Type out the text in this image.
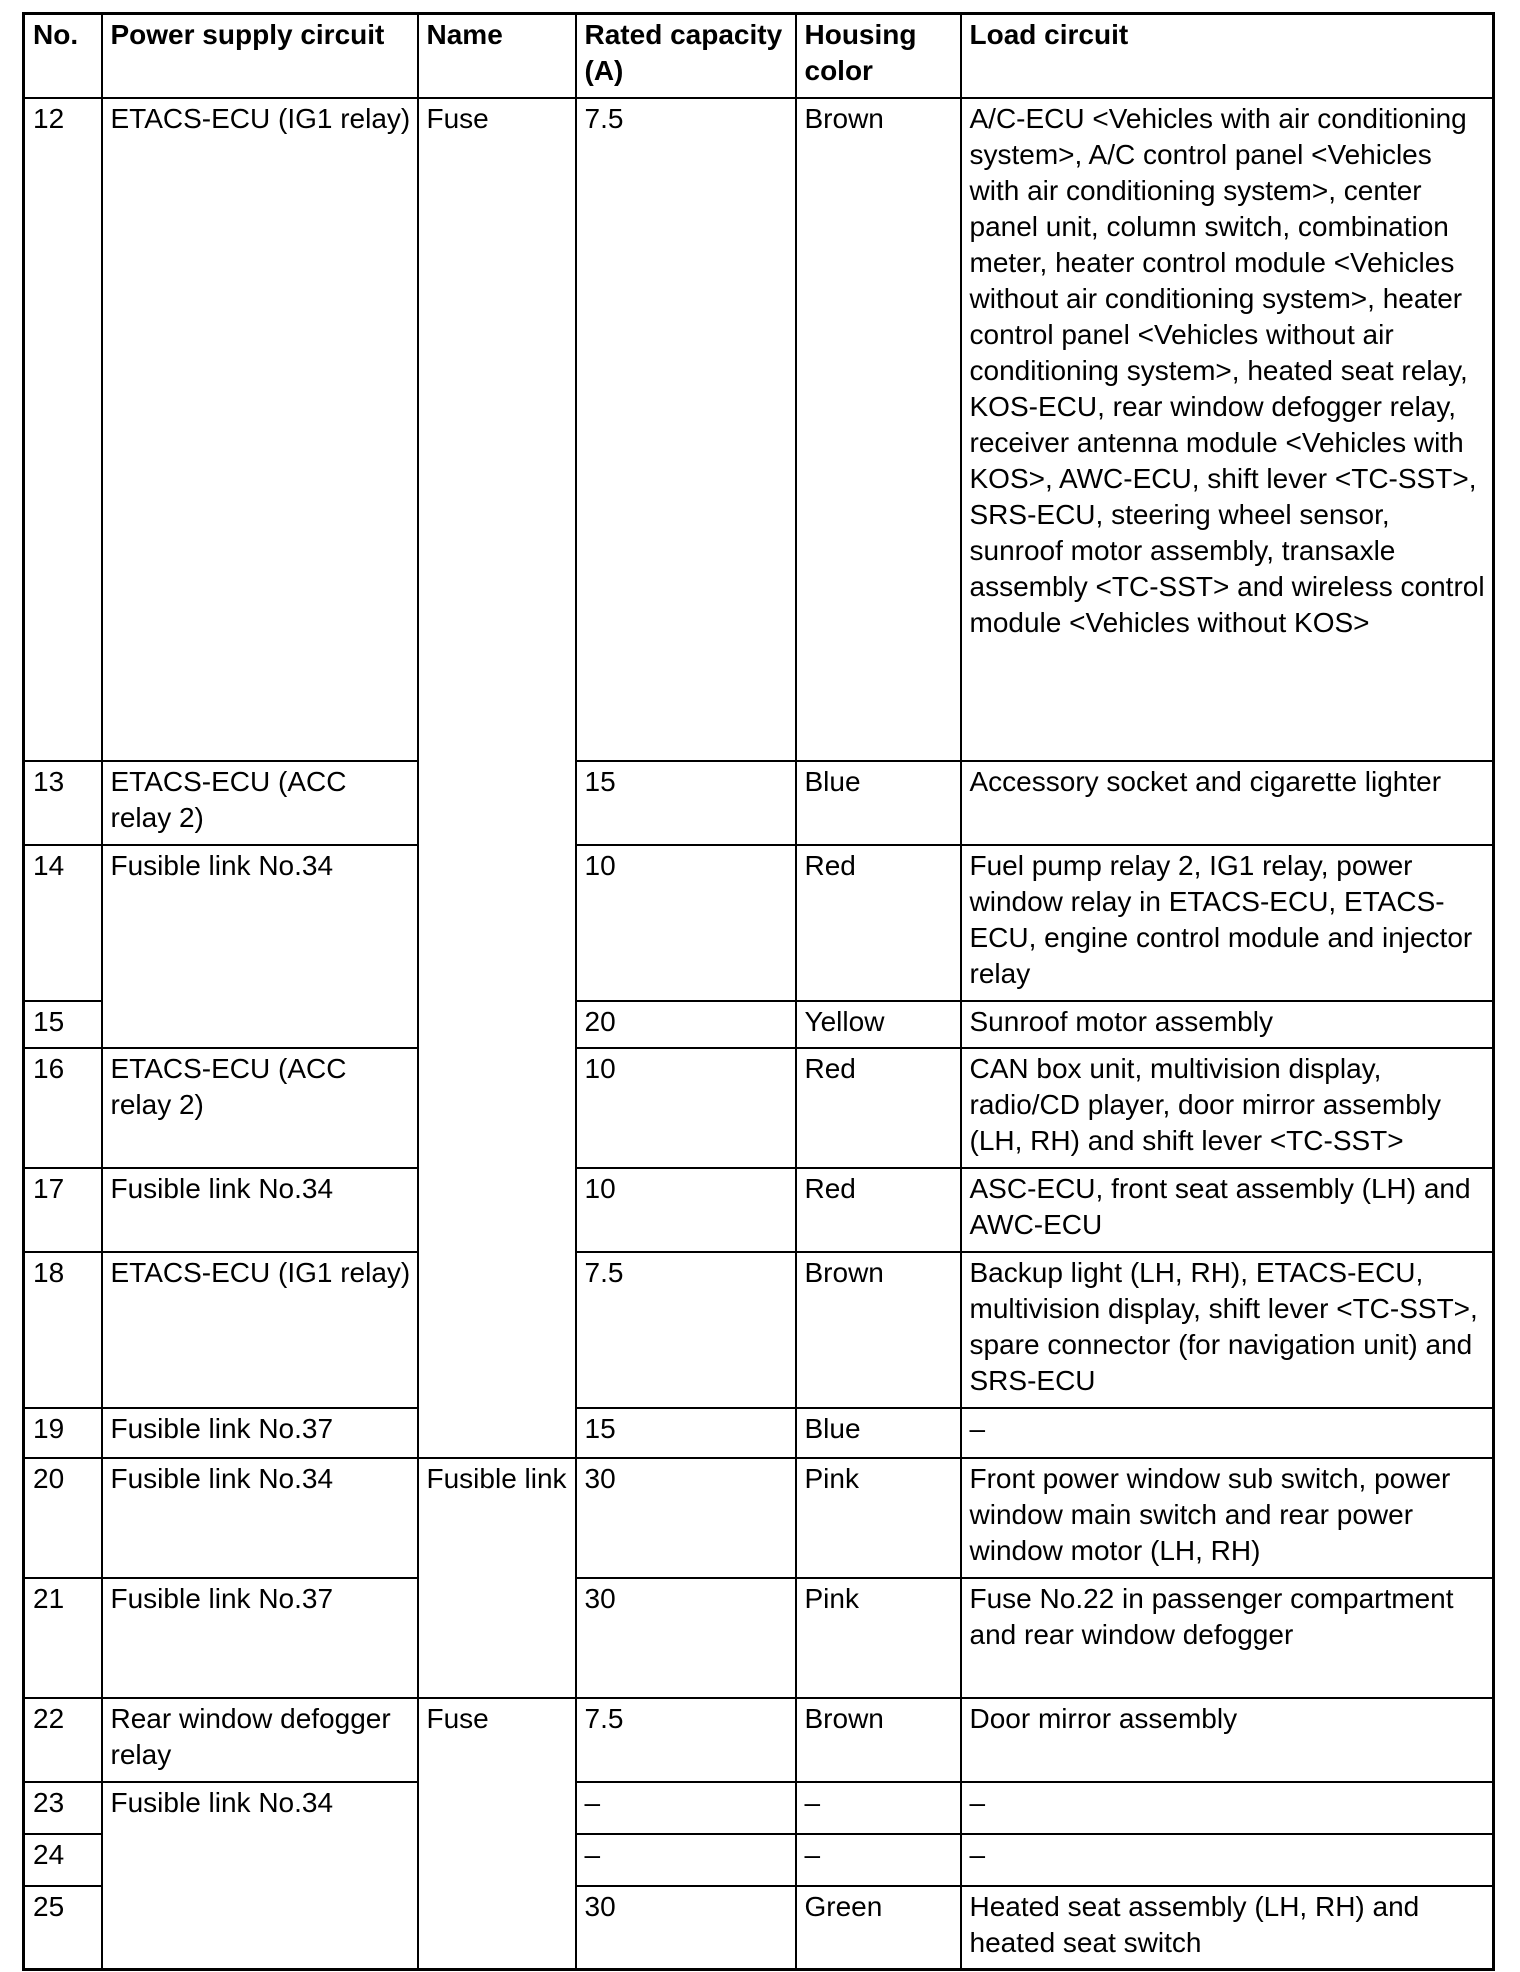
No.	Power supply circuit	Name	Rated capacity (A)	Housing color	Load circuit
12	ETACS-ECU (IG1 relay)	Fuse	7.5	Brown	A/C-ECU <Vehicles with air conditioning system>, A/C control panel <Vehicles with air conditioning system>, center panel unit, column switch, combination meter, heater control module <Vehicles without air conditioning system>, heater control panel <Vehicles without air conditioning system>, heated seat relay, KOS-ECU, rear window defogger relay, receiver antenna module <Vehicles with KOS>, AWC-ECU, shift lever <TC-SST>, SRS-ECU, steering wheel sensor, sunroof motor assembly, transaxle assembly <TC-SST> and wireless control module <Vehicles without KOS>
13	ETACS-ECU (ACC relay 2)		15	Blue	Accessory socket and cigarette lighter
14	Fusible link No.34		10	Red	Fuel pump relay 2, IG1 relay, power window relay in ETACS-ECU, ETACS-ECU, engine control module and injector relay
15			20	Yellow	Sunroof motor assembly
16	ETACS-ECU (ACC relay 2)		10	Red	CAN box unit, multivision display, radio/CD player, door mirror assembly (LH, RH) and shift lever <TC-SST>
17	Fusible link No.34		10	Red	ASC-ECU, front seat assembly (LH) and AWC-ECU
18	ETACS-ECU (IG1 relay)		7.5	Brown	Backup light (LH, RH), ETACS-ECU, multivision display, shift lever <TC-SST>, spare connector (for navigation unit) and SRS-ECU
19	Fusible link No.37		15	Blue	–
20	Fusible link No.34	Fusible link	30	Pink	Front power window sub switch, power window main switch and rear power window motor (LH, RH)
21	Fusible link No.37		30	Pink	Fuse No.22 in passenger compartment and rear window defogger
22	Rear window defogger relay	Fuse	7.5	Brown	Door mirror assembly
23	Fusible link No.34		–	–	–
24			–	–	–
25			30	Green	Heated seat assembly (LH, RH) and heated seat switch
